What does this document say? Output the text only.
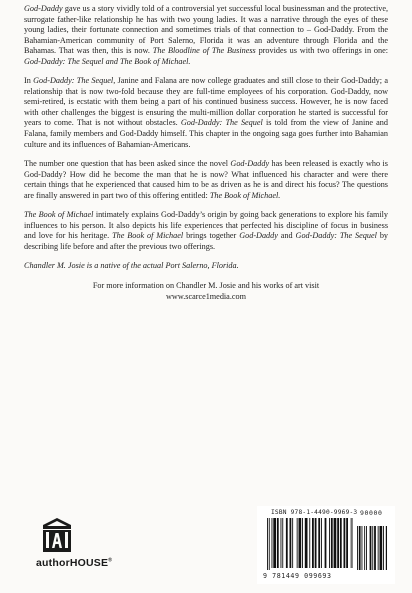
God-Daddy gave us a story vividly told of a controversial yet successful local businessman and the protective, surrogate father-like relationship he has with two young ladies. It was a narrative through the eyes of these young ladies, their fortunate connection and sometimes trials of that connection to – God-Daddy. From the Bahamian-American community of Port Salerno, Florida it was an adventure through Florida and the Bahamas. That was then, this is now. The Bloodline of The Business provides us with two offerings in one: God-Daddy: The Sequel and The Book of Michael.

In God-Daddy: The Sequel, Janine and Falana are now college graduates and still close to their God-Daddy; a relationship that is now two-fold because they are full-time employees of his corporation. God-Daddy, now semi-retired, is ecstatic with them being a part of his continued business success. However, he is now faced with other challenges the biggest is ensuring the multi-million dollar corporation he started is successful for years to come. That is not without obstacles. God-Daddy: The Sequel is told from the view of Janine and Falana, family members and God-Daddy himself. This chapter in the ongoing saga goes further into Bahamian culture and its influences of Bahamian-Americans.

The number one question that has been asked since the novel God-Daddy has been released is exactly who is God-Daddy? How did he become the man that he is now? What influenced his character and were there certain things that he experienced that caused him to be as driven as he is and direct his focus? The questions are finally answered in part two of this offering entitled: The Book of Michael.

The Book of Michael intimately explains God-Daddy’s origin by going back generations to explore his family influences to his person. It also depicts his life experiences that perfected his discipline of focus in business and love for his heritage. The Book of Michael brings together God-Daddy and God-Daddy: The Sequel by describing life before and after the previous two offerings.

Chandler M. Josie is a native of the actual Port Salerno, Florida.

For more information on Chandler M. Josie and his works of art visit
www.scarce1media.com

authorHOUSE®
ISBN 978-1-4490-9969-3 90000
9 781449 099693
